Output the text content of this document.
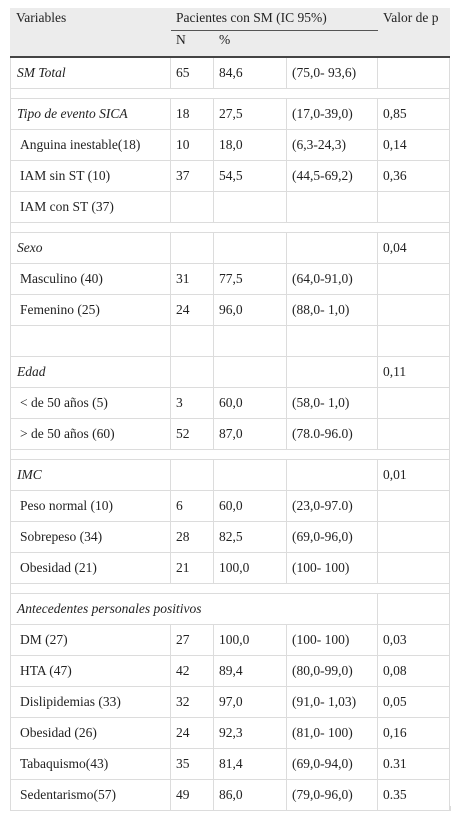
Variables	Pacientes con SM (IC 95%)			Valor de p
	N	%		
SM Total	65	84,6	(75,0- 93,6)	

Tipo de evento SICA	18	27,5	(17,0-39,0)	0,85
Anguina inestable(18)	10	18,0	(6,3-24,3)	0,14
IAM sin ST (10)	37	54,5	(44,5-69,2)	0,36
IAM con ST (37)				

Sexo				0,04
Masculino (40)	31	77,5	(64,0-91,0)	
Femenino (25)	24	96,0	(88,0- 1,0)	

Edad				0,11
< de 50 años (5)	3	60,0	(58,0- 1,0)	
> de 50 años (60)	52	87,0	(78.0-96.0)	

IMC				0,01
Peso normal (10)	6	60,0	(23,0-97.0)	
Sobrepeso (34)	28	82,5	(69,0-96,0)	
Obesidad (21)	21	100,0	(100- 100)	

Antecedentes personales positivos				
DM (27)	27	100,0	(100- 100)	0,03
HTA (47)	42	89,4	(80,0-99,0)	0,08
Dislipidemias (33)	32	97,0	(91,0- 1,03)	0,05
Obesidad (26)	24	92,3	(81,0- 100)	0,16
Tabaquismo(43)	35	81,4	(69,0-94,0)	0.31
Sedentarismo(57)	49	86,0	(79,0-96,0)	0.35
